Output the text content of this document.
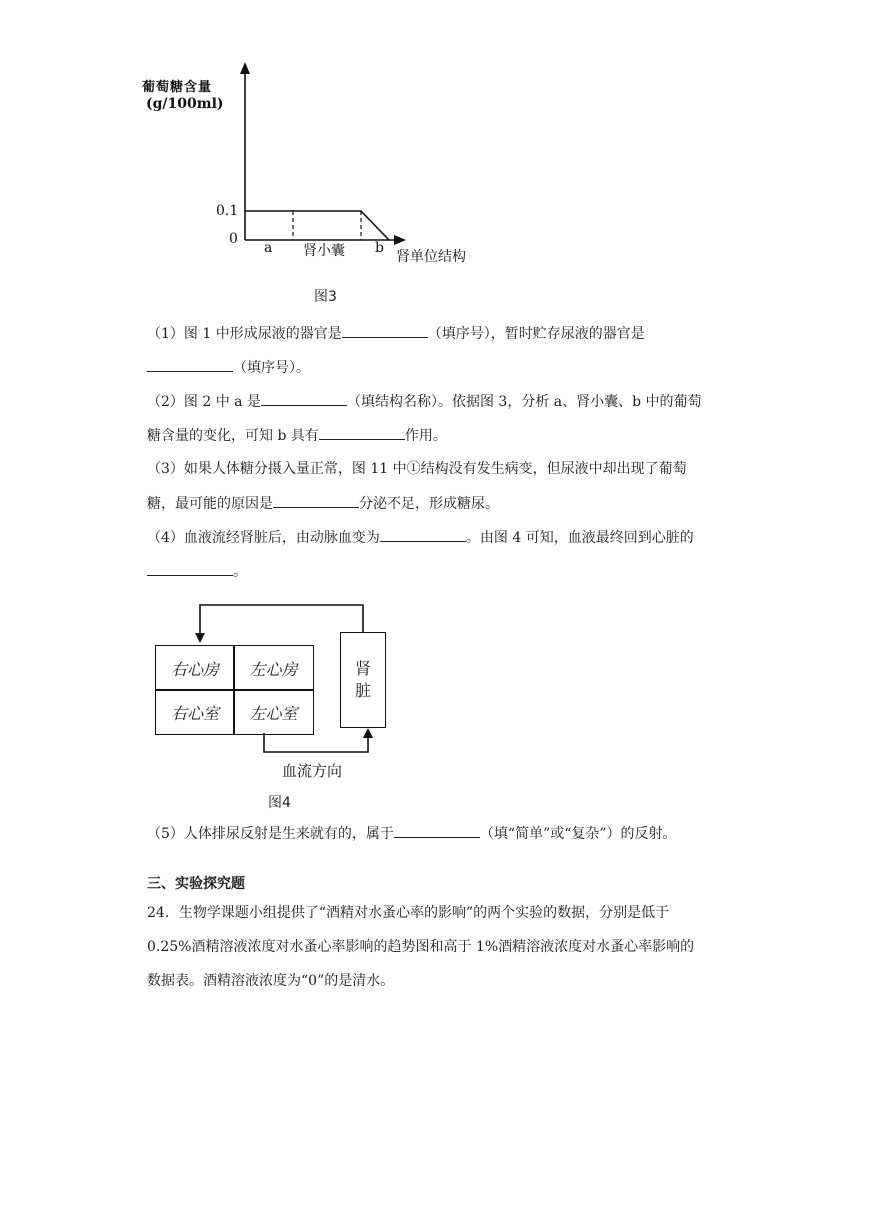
葡萄糖含量
(g/100ml)
0.1
0
a 肾小囊 b
肾单位结构
图3
（1）图 1 中形成尿液的器官是	（填序号），暂时贮存尿液的器官是
（填序号）。
（2）图 2 中 a 是	（填结构名称）。依据图 3，分析 a、肾小囊、b 中的葡萄
糖含量的变化，可知 b 具有	作用。
（3）如果人体糖分摄入量正常，图 11 中①结构没有发生病变，但尿液中却出现了葡萄
糖，最可能的原因是	分泌不足，形成糖尿。
（4）血液流经肾脏后，由动脉血变为	。由图 4 可知，血液最终回到心脏的
。
右心房 左心房
右心室 左心室
肾
脏
血流方向
图4
（5）人体排尿反射是生来就有的，属于	（填“简单”或“复杂”）的反射。
三、实验探究题
24．生物学课题小组提供了“酒精对水蚤心率的影响”的两个实验的数据，分别是低于
0.25%酒精溶液浓度对水蚤心率影响的趋势图和高于 1%酒精溶液浓度对水蚤心率影响的
数据表。酒精溶液浓度为“0”的是清水。
